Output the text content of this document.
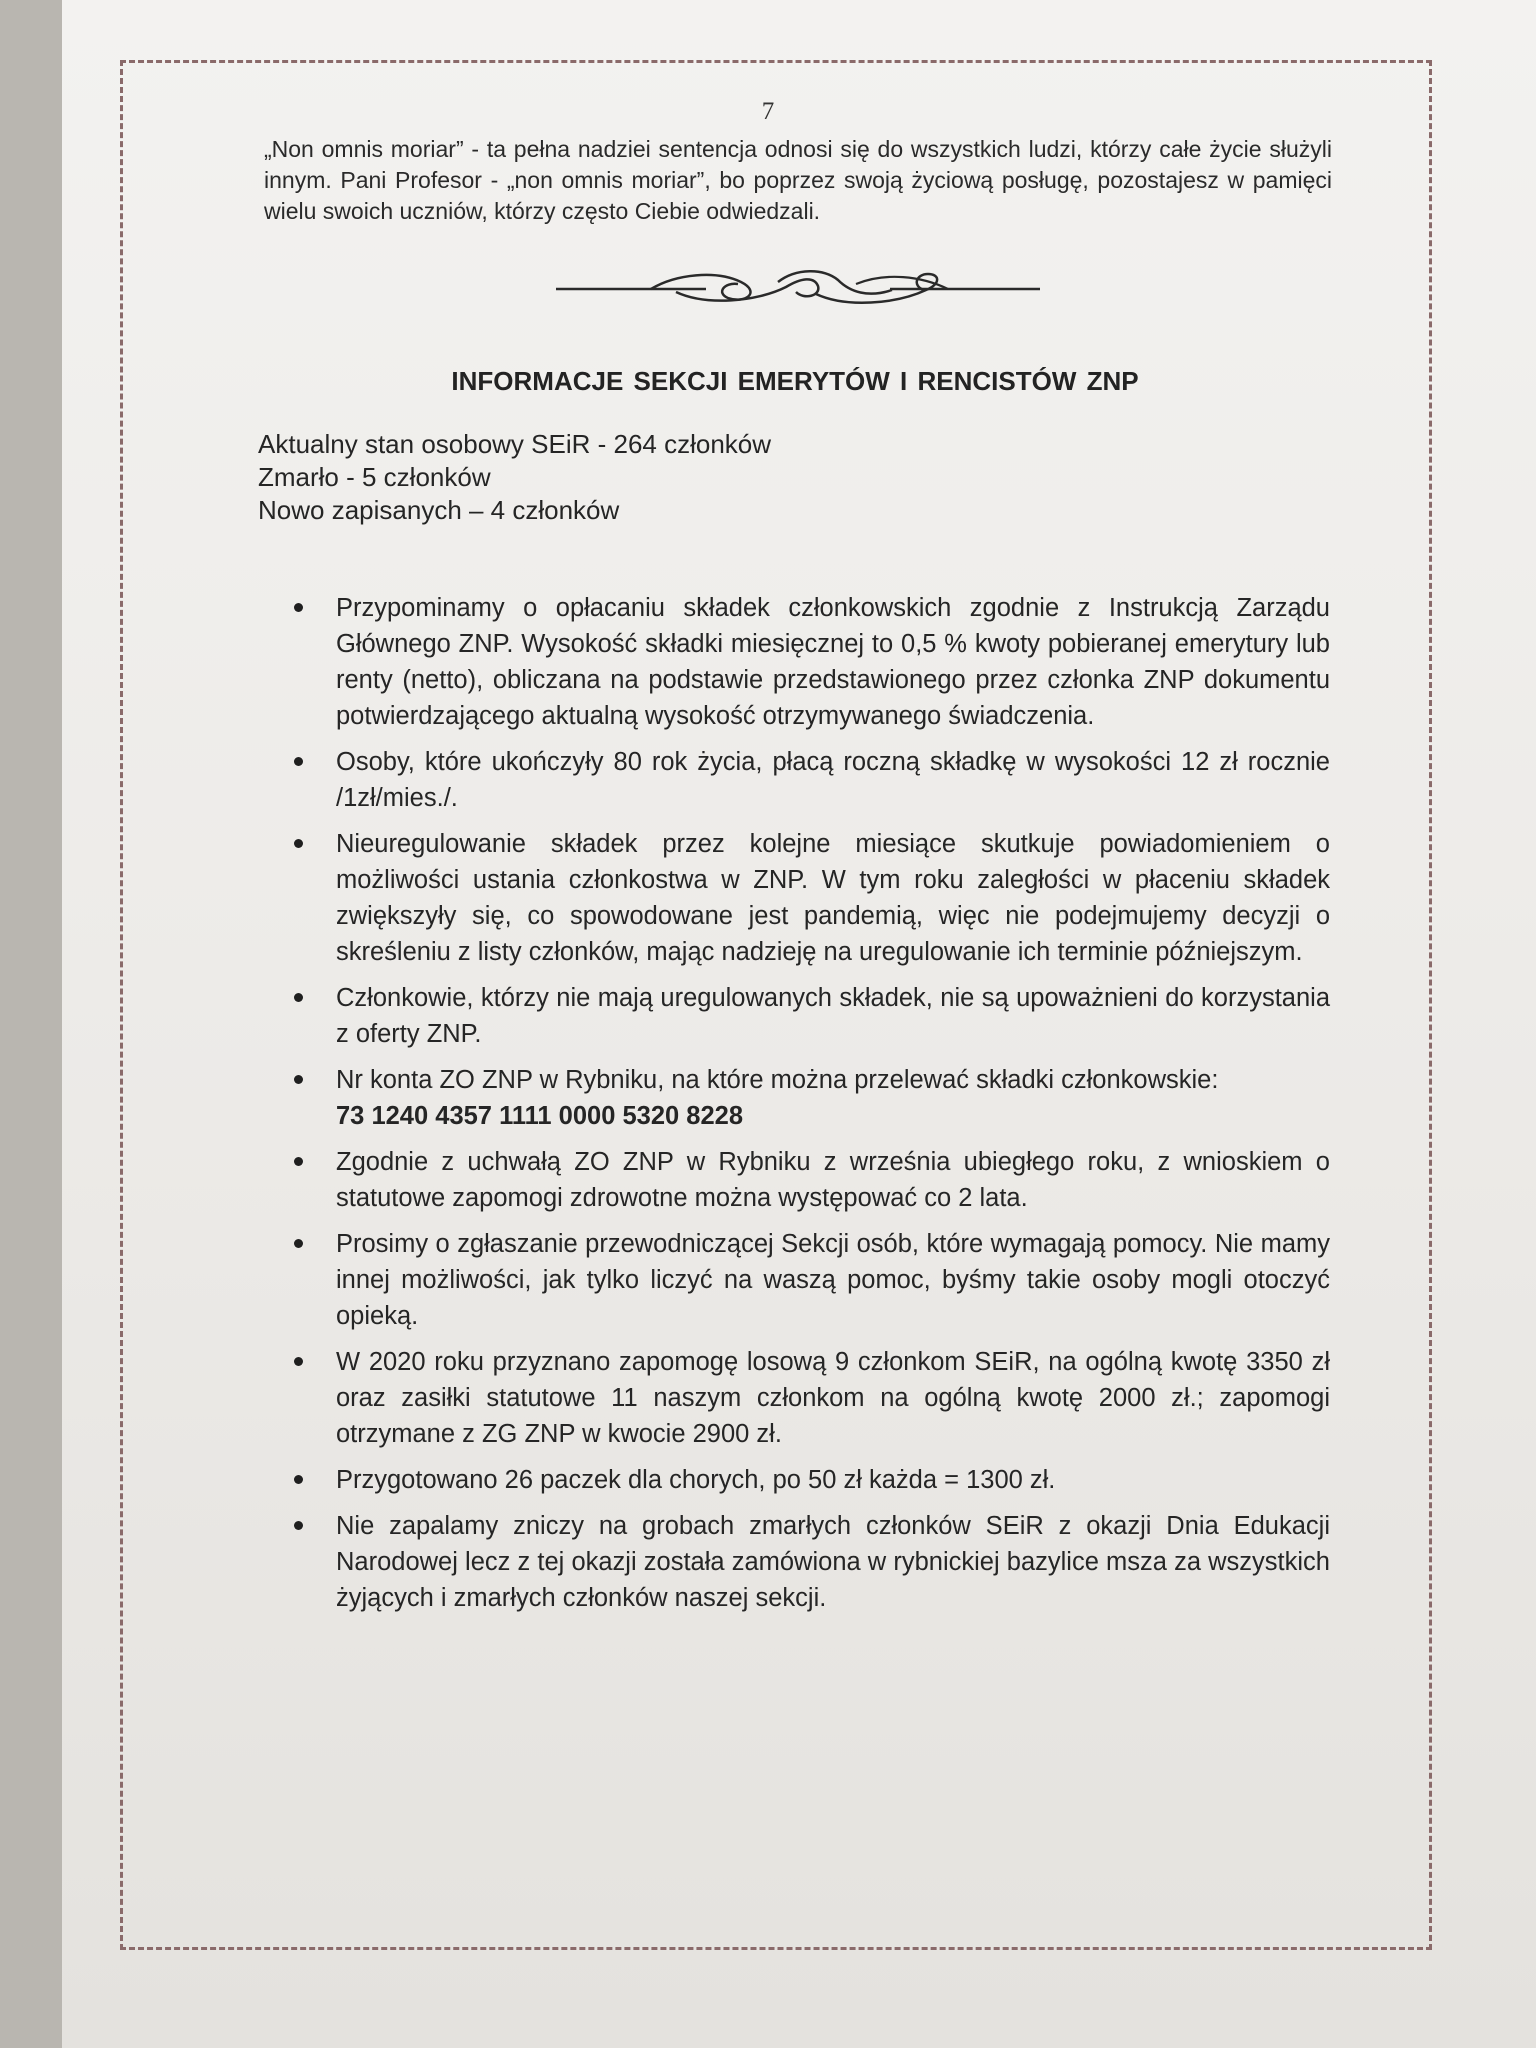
7

„Non omnis moriar” - ta pełna nadziei sentencja odnosi się do wszystkich ludzi, którzy całe życie służyli innym. Pani Profesor - „non omnis moriar”, bo poprzez swoją życiową posługę, pozostajesz w pamięci wielu swoich uczniów, którzy często Ciebie odwiedzali.

INFORMACJE SEKCJI EMERYTÓW I RENCISTÓW ZNP
Aktualny stan osobowy SEiR - 264 członków
Zmarło - 5 członków
Nowo zapisanych – 4 członków
Przypominamy o opłacaniu składek członkowskich zgodnie z Instrukcją Zarządu Głównego ZNP. Wysokość składki miesięcznej to 0,5 % kwoty pobieranej emerytury lub renty (netto), obliczana na podstawie przedstawionego przez członka ZNP dokumentu potwierdzającego aktualną wysokość otrzymywanego świadczenia.
Osoby, które ukończyły 80 rok życia, płacą roczną składkę w wysokości 12 zł rocznie /1zł/mies./.
Nieuregulowanie składek przez kolejne miesiące skutkuje powiadomieniem o możliwości ustania członkostwa w ZNP. W tym roku zaległości w płaceniu składek zwiększyły się, co spowodowane jest pandemią, więc nie podejmujemy decyzji o skreśleniu z listy członków, mając nadzieję na uregulowanie ich terminie późniejszym.
Członkowie, którzy nie mają uregulowanych składek, nie są upoważnieni do korzystania z oferty ZNP.
Nr konta ZO ZNP w Rybniku, na które można przelewać składki członkowskie:
73 1240 4357 1111 0000 5320 8228
Zgodnie z uchwałą ZO ZNP w Rybniku z września ubiegłego roku, z wnioskiem o statutowe zapomogi zdrowotne można występować co 2 lata.
Prosimy o zgłaszanie przewodniczącej Sekcji osób, które wymagają pomocy. Nie mamy innej możliwości, jak tylko liczyć na waszą pomoc, byśmy takie osoby mogli otoczyć opieką.
W 2020 roku przyznano zapomogę losową 9 członkom SEiR, na ogólną kwotę 3350 zł oraz zasiłki statutowe 11 naszym członkom na ogólną kwotę 2000 zł.; zapomogi otrzymane z ZG ZNP w kwocie 2900 zł.
Przygotowano 26 paczek dla chorych, po 50 zł każda = 1300 zł.
Nie zapalamy zniczy na grobach zmarłych członków SEiR z okazji Dnia Edukacji Narodowej lecz z tej okazji została zamówiona w rybnickiej bazylice msza za wszystkich żyjących i zmarłych członków naszej sekcji.
